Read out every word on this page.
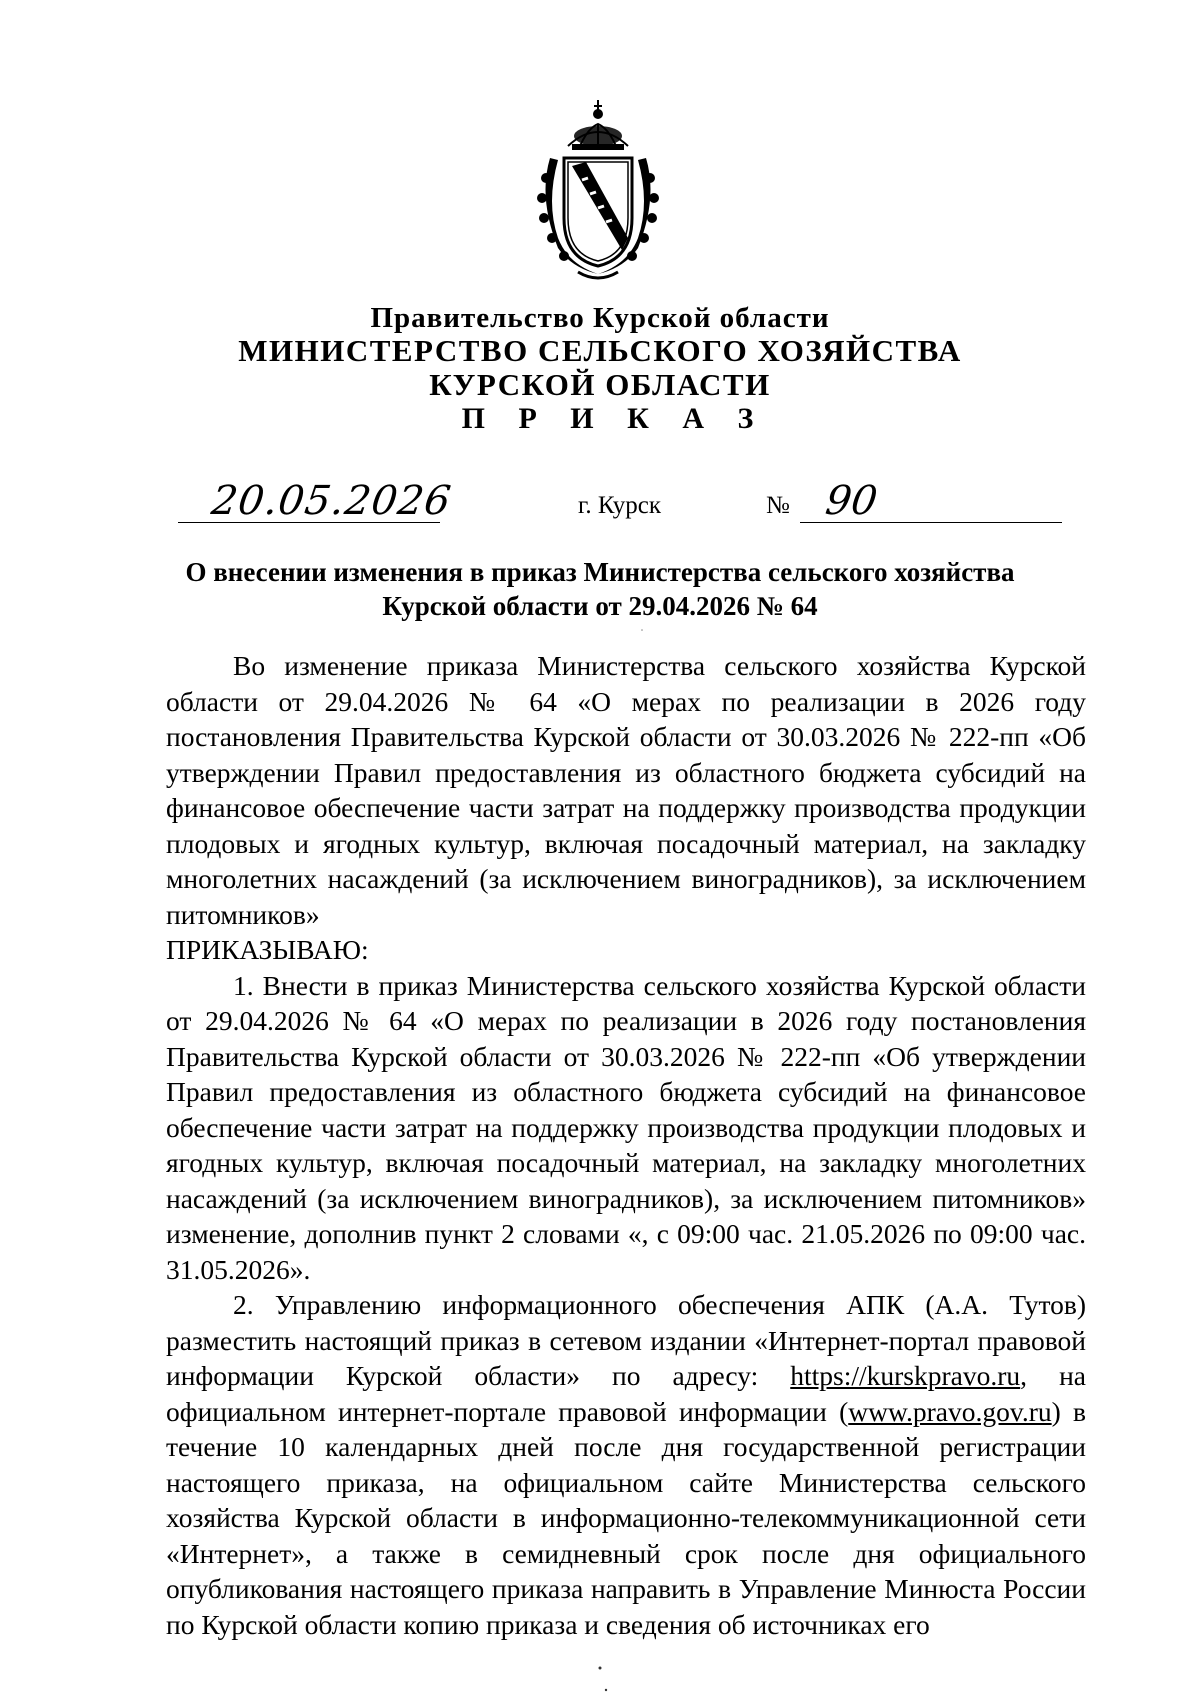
Правительство Курской области
МИНИСТЕРСТВО СЕЛЬСКОГО ХОЗЯЙСТВА
КУРСКОЙ ОБЛАСТИ
П Р И К А З
20.05.2026	г. Курск	№ 90
О внесении изменения в приказ Министерства сельского хозяйства
Курской области от 29.04.2026 № 64

Во изменение приказа Министерства сельского хозяйства Курской области от 29.04.2026 № 64 «О мерах по реализации в 2026 году постановления Правительства Курской области от 30.03.2026 № 222-пп «Об утверждении Правил предоставления из областного бюджета субсидий на финансовое обеспечение части затрат на поддержку производства продукции плодовых и ягодных культур, включая посадочный материал, на закладку многолетних насаждений (за исключением виноградников), за исключением питомников»

ПРИКАЗЫВАЮ:

1. Внести в приказ Министерства сельского хозяйства Курской области от 29.04.2026 № 64 «О мерах по реализации в 2026 году постановления Правительства Курской области от 30.03.2026 № 222-пп «Об утверждении Правил предоставления из областного бюджета субсидий на финансовое обеспечение части затрат на поддержку производства продукции плодовых и ягодных культур, включая посадочный материал, на закладку многолетних насаждений (за исключением виноградников), за исключением питомников» изменение, дополнив пункт 2 словами «, с 09:00 час. 21.05.2026 по 09:00 час. 31.05.2026».

2. Управлению информационного обеспечения АПК (А.А. Тутов) разместить настоящий приказ в сетевом издании «Интернет-портал правовой информации Курской области» по адресу: https://kurskpravo.ru, на официальном интернет-портале правовой информации (www.pravo.gov.ru) в течение 10 календарных дней после дня государственной регистрации настоящего приказа, на официальном сайте Министерства сельского хозяйства Курской области в информационно-телекоммуникационной сети «Интернет», а также в семидневный срок после дня официального опубликования настоящего приказа направить в Управление Минюста России по Курской области копию приказа и сведения об источниках его
